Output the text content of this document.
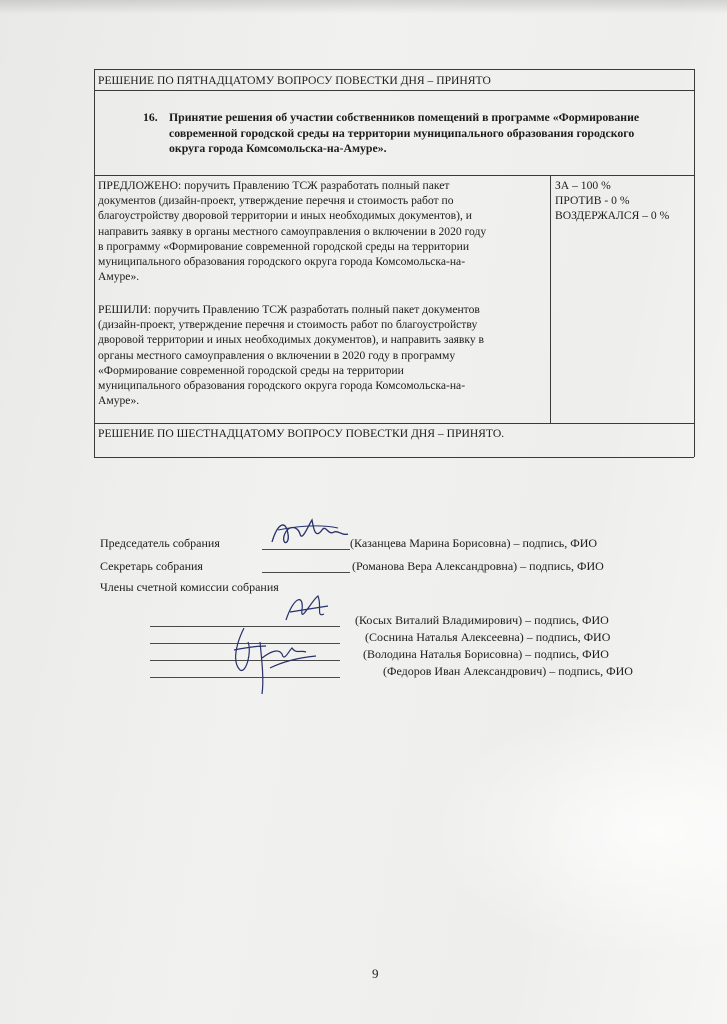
РЕШЕНИЕ ПО ПЯТНАДЦАТОМУ ВОПРОСУ ПОВЕСТКИ ДНЯ – ПРИНЯТО
16. Принятие решения об участии собственников помещений в программе «Формирование
современной городской среды на территории муниципального образования городского
округа города Комсомольска-на-Амуре».
ПРЕДЛОЖЕНО: поручить Правлению ТСЖ разработать полный пакет
документов (дизайн-проект, утверждение перечня и стоимость работ по
благоустройству дворовой территории и иных необходимых документов), и
направить заявку в органы местного самоуправления о включении в 2020 году
в программу «Формирование современной городской среды на территории
муниципального образования городского округа города Комсомольска-на-
Амуре».
РЕШИЛИ: поручить Правлению ТСЖ разработать полный пакет документов
(дизайн-проект, утверждение перечня и стоимость работ по благоустройству
дворовой территории и иных необходимых документов), и направить заявку в
органы местного самоуправления о включении в 2020 году в программу
«Формирование современной городской среды на территории
муниципального образования городского округа города Комсомольска-на-
Амуре».
ЗА – 100 %
ПРОТИВ - 0 %
ВОЗДЕРЖАЛСЯ – 0 %
РЕШЕНИЕ ПО ШЕСТНАДЦАТОМУ ВОПРОСУ ПОВЕСТКИ ДНЯ – ПРИНЯТО.
Председатель собрания	(Казанцева Марина Борисовна) – подпись, ФИО
Секретарь собрания	(Романова Вера Александровна) – подпись, ФИО
Члены счетной комиссии собрания
(Косых Виталий Владимирович) – подпись, ФИО
(Соснина Наталья Алексеевна) – подпись, ФИО
(Володина Наталья Борисовна) – подпись, ФИО
(Федоров Иван Александрович) – подпись, ФИО
9
